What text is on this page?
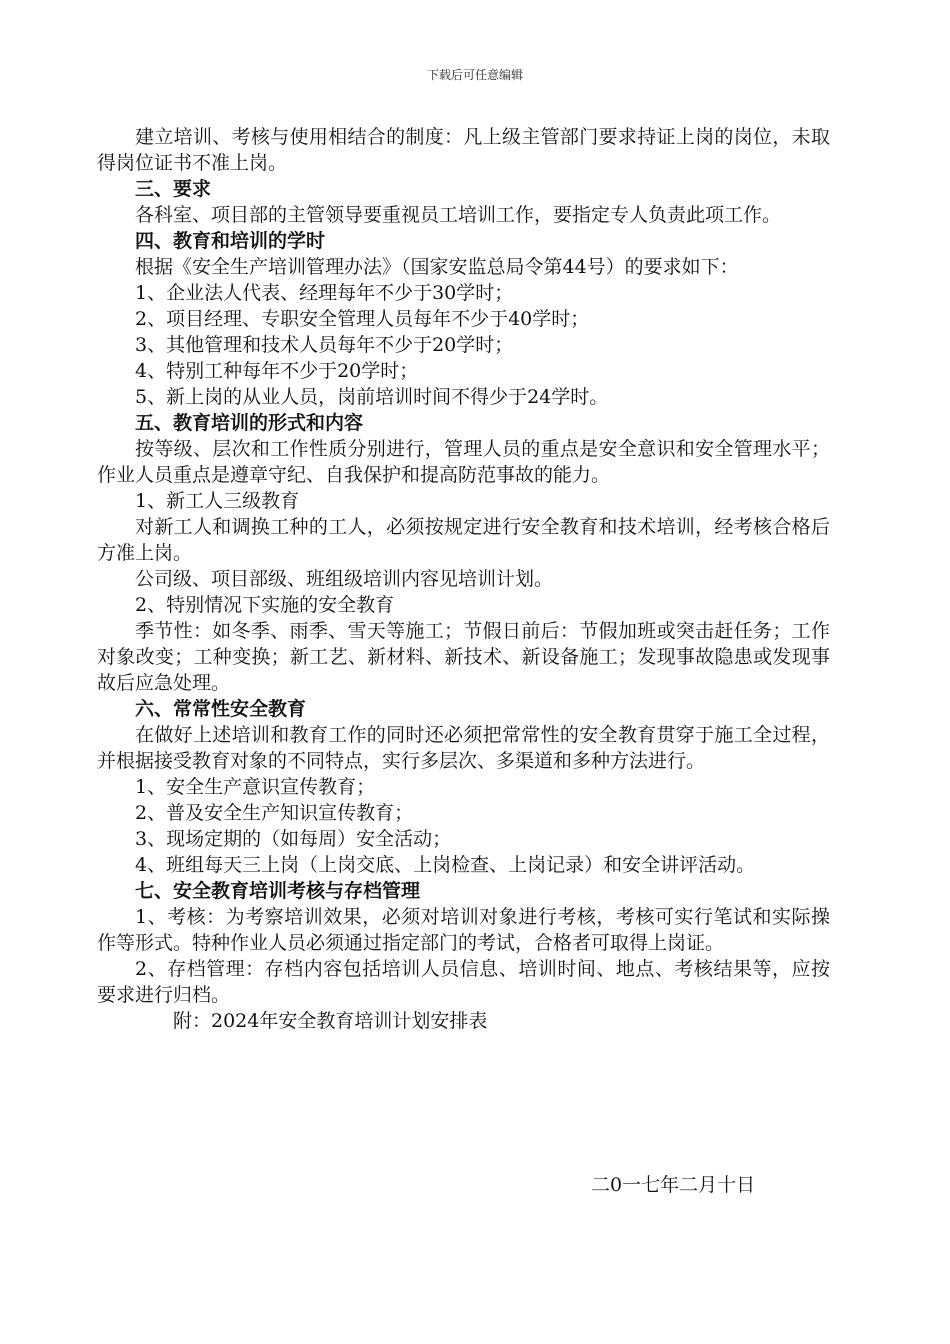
下载后可任意编辑

建立培训、考核与使用相结合的制度：凡上级主管部门要求持证上岗的岗位，未取得岗位证书不准上岗。

三、要求

各科室、项目部的主管领导要重视员工培训工作，要指定专人负责此项工作。

四、教育和培训的学时

根据《安全生产培训管理办法》（国家安监总局令第44号）的要求如下：

1、企业法人代表、经理每年不少于30学时；

2、项目经理、专职安全管理人员每年不少于40学时；

3、其他管理和技术人员每年不少于20学时；

4、特别工种每年不少于20学时；

5、新上岗的从业人员，岗前培训时间不得少于24学时。

五、教育培训的形式和内容

按等级、层次和工作性质分别进行，管理人员的重点是安全意识和安全管理水平；作业人员重点是遵章守纪、自我保护和提高防范事故的能力。

1、新工人三级教育

对新工人和调换工种的工人，必须按规定进行安全教育和技术培训，经考核合格后方准上岗。

公司级、项目部级、班组级培训内容见培训计划。

2、特别情况下实施的安全教育

季节性：如冬季、雨季、雪天等施工；节假日前后：节假加班或突击赶任务；工作对象改变；工种变换；新工艺、新材料、新技术、新设备施工；发现事故隐患或发现事故后应急处理。

六、常常性安全教育

在做好上述培训和教育工作的同时还必须把常常性的安全教育贯穿于施工全过程，并根据接受教育对象的不同特点，实行多层次、多渠道和多种方法进行。

1、安全生产意识宣传教育；

2、普及安全生产知识宣传教育；

3、现场定期的（如每周）安全活动；

4、班组每天三上岗（上岗交底、上岗检查、上岗记录）和安全讲评活动。

七、安全教育培训考核与存档管理

1、考核：为考察培训效果，必须对培训对象进行考核，考核可实行笔试和实际操作等形式。特种作业人员必须通过指定部门的考试，合格者可取得上岗证。

2、存档管理：存档内容包括培训人员信息、培训时间、地点、考核结果等，应按要求进行归档。

附：2024年安全教育培训计划安排表

二0一七年二月十日
